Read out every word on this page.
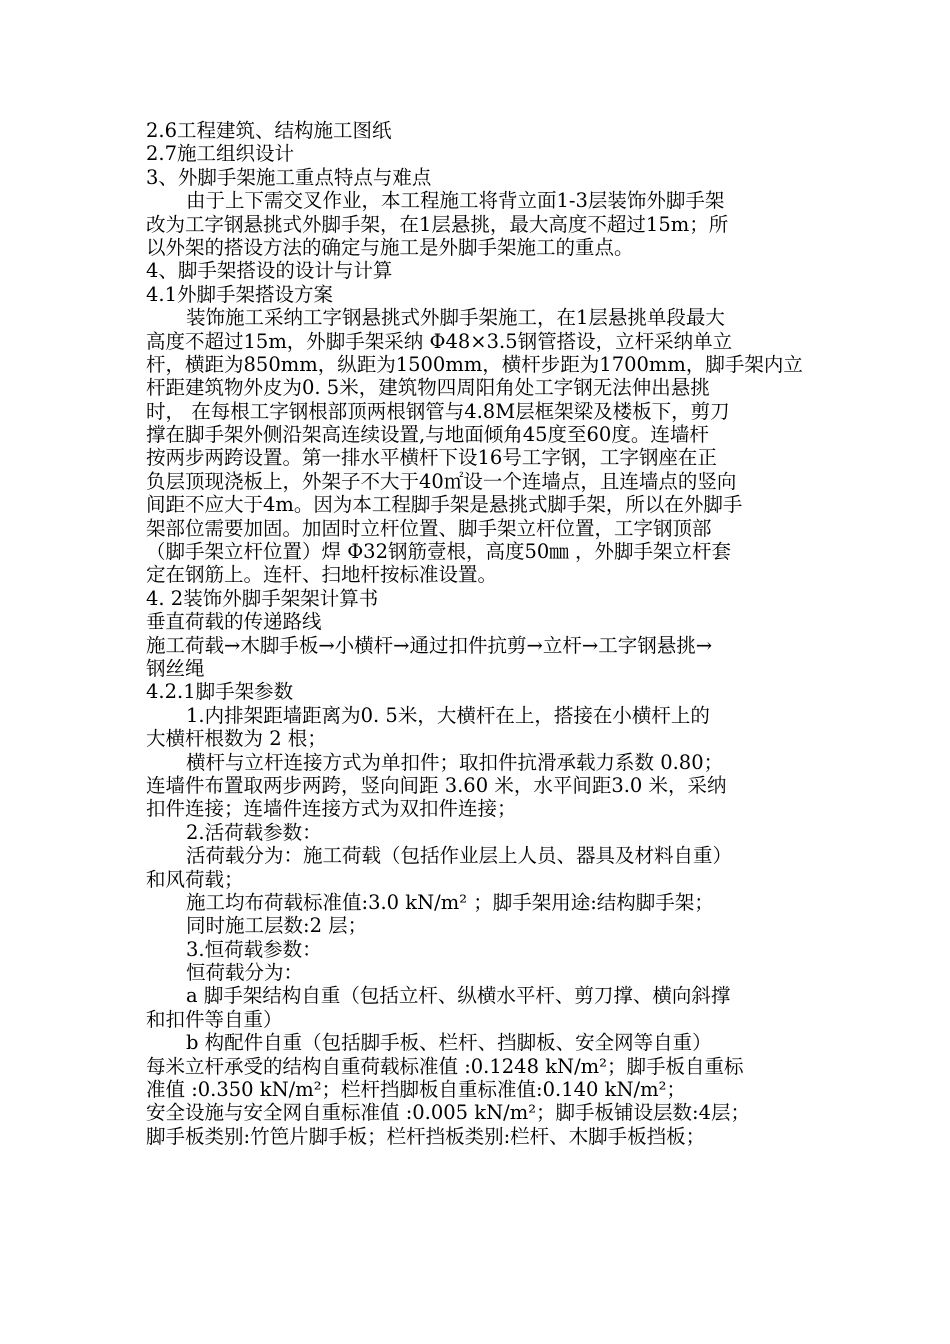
2.6工程建筑、结构施工图纸
2.7施工组织设计
3、外脚手架施工重点特点与难点
由于上下需交叉作业，本工程施工将背立面1-3层装饰外脚手架
改为工字钢悬挑式外脚手架，在1层悬挑，最大高度不超过15m；所
以外架的搭设方法的确定与施工是外脚手架施工的重点。
4、脚手架搭设的设计与计算
4.1外脚手架搭设方案
装饰施工采纳工字钢悬挑式外脚手架施工，在1层悬挑单段最大
高度不超过15m，外脚手架采纳 Φ48×3.5钢管搭设，立杆采纳单立
杆，横距为850mm，纵距为1500mm，横杆步距为1700mm，脚手架内立
杆距建筑物外皮为0. 5米，建筑物四周阳角处工字钢无法伸出悬挑
时， 在每根工字钢根部顶两根钢管与4.8M层框架梁及楼板下，剪刀
撑在脚手架外侧沿架高连续设置,与地面倾角45度至60度。连墙杆
按两步两跨设置。第一排水平横杆下设16号工字钢，工字钢座在正
负层顶现浇板上，外架子不大于40㎡设一个连墙点，且连墙点的竖向
间距不应大于4m。因为本工程脚手架是悬挑式脚手架，所以在外脚手
架部位需要加固。加固时立杆位置、脚手架立杆位置，工字钢顶部
（脚手架立杆位置）焊 Φ32钢筋壹根，高度50㎜ ，外脚手架立杆套
定在钢筋上。连杆、扫地杆按标准设置。
4. 2装饰外脚手架架计算书
垂直荷载的传递路线
施工荷载→木脚手板→小横杆→通过扣件抗剪→立杆→工字钢悬挑→
钢丝绳
4.2.1脚手架参数
1.内排架距墙距离为0. 5米，大横杆在上，搭接在小横杆上的
大横杆根数为 2 根；
横杆与立杆连接方式为单扣件；取扣件抗滑承载力系数 0.80；
连墙件布置取两步两跨，竖向间距 3.60 米，水平间距3.0 米，采纳
扣件连接；连墙件连接方式为双扣件连接；
2.活荷载参数：
活荷载分为：施工荷载（包括作业层上人员、器具及材料自重）
和风荷载；
施工均布荷载标准值:3.0 kN/m² ；脚手架用途:结构脚手架；
同时施工层数:2 层；
3.恒荷载参数：
恒荷载分为：
a 脚手架结构自重（包括立杆、纵横水平杆、剪刀撑、横向斜撑
和扣件等自重）
b 构配件自重（包括脚手板、栏杆、挡脚板、安全网等自重）
每米立杆承受的结构自重荷载标准值 :0.1248 kN/m²；脚手板自重标
准值 :0.350 kN/m²；栏杆挡脚板自重标准值:0.140 kN/m²；
安全设施与安全网自重标准值 :0.005 kN/m²；脚手板铺设层数:4层；
脚手板类别:竹笆片脚手板；栏杆挡板类别:栏杆、木脚手板挡板；
